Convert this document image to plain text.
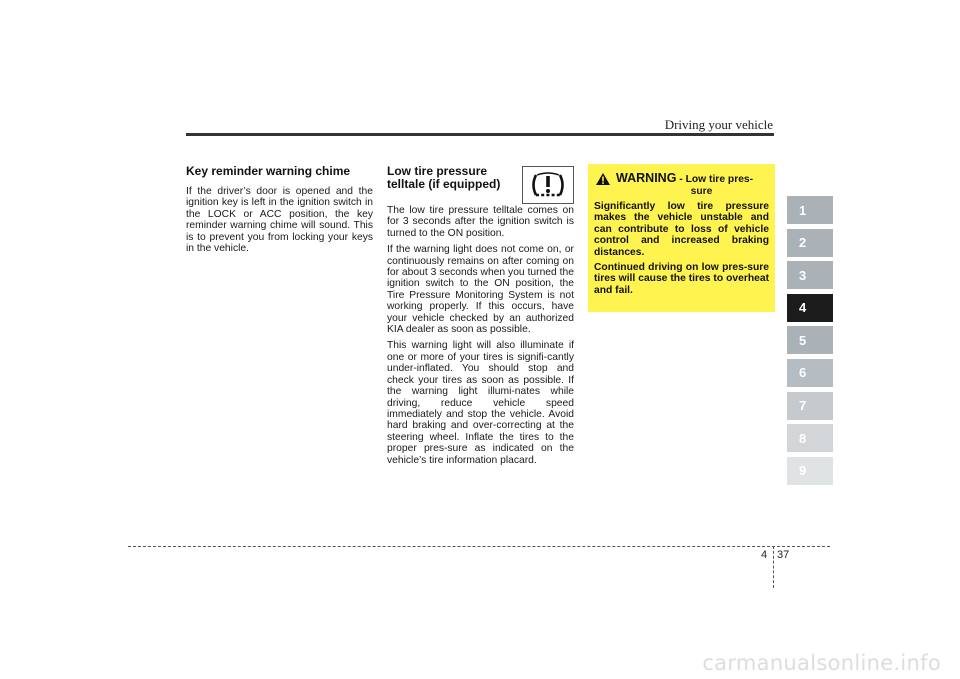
Driving your vehicle
Key reminder warning chime

If the driver’s door is opened and the ignition key is left in the ignition switch in the LOCK or ACC position, the key reminder warning chime will sound. This is to prevent you from locking your keys in the vehicle.

Low tire pressure telltale (if equipped)

The low tire pressure telltale comes on for 3 seconds after the ignition switch is turned to the ON position.

If the warning light does not come on, or continuously remains on after coming on for about 3 seconds when you turned the ignition switch to the ON position, the Tire Pressure Monitoring System is not working properly. If this occurs, have your vehicle checked by an authorized KIA dealer as soon as possible.

This warning light will also illuminate if one or more of your tires is signifi-cantly under-inflated. You should stop and check your tires as soon as possible. If the warning light illumi-nates while driving, reduce vehicle speed immediately and stop the vehicle. Avoid hard braking and over-correcting at the steering wheel. Inflate the tires to the proper pres-sure as indicated on the vehicle’s tire information placard.

WARNING - Low tire pres-
sure

Significantly low tire pressure makes the vehicle unstable and can contribute to loss of vehicle control and increased braking distances.

Continued driving on low pres-sure tires will cause the tires to overheat and fail.

1
2
3
4
5
6
7
8
9
4 37
carmanualsonline.info
